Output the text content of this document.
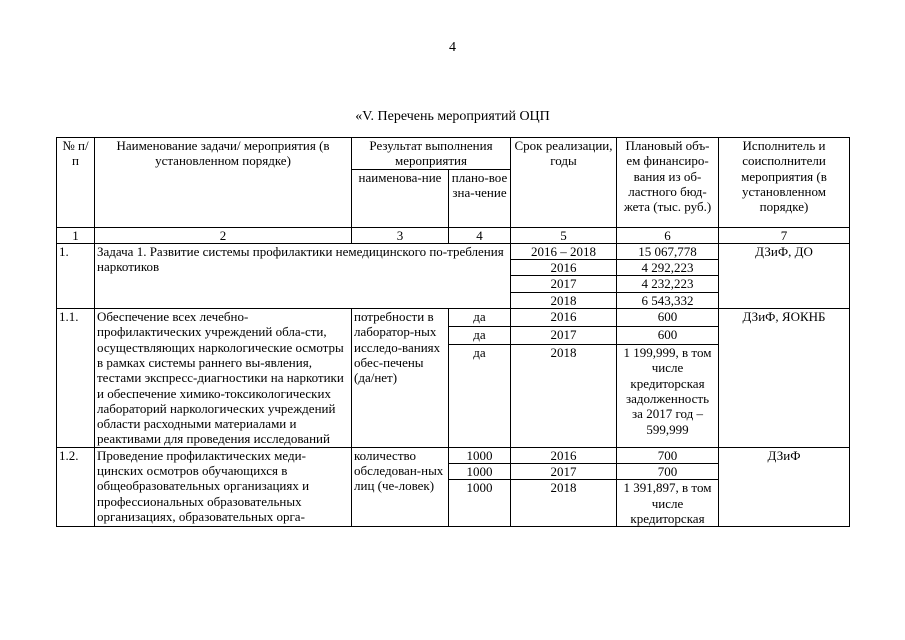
4
«V. Перечень мероприятий ОЦП
№ п/п	Наименование задачи/ мероприятия (в установленном порядке)	Результат выполнения мероприятия		Срок реализации, годы	Плановый объ-ем финансиро-вания из об-ластного бюд-жета (тыс. руб.)	Исполнитель и соисполнители мероприятия (в установленном порядке)
		наименова-ние	плано-вое зна-чение			
1	2	3	4	5	6	7
1.	Задача 1. Развитие системы профилактики немедицинского по-требления наркотиков			2016 – 2018	15 067,778	ДЗиФ, ДО
				2016	4 292,223	
				2017	4 232,223	
				2018	6 543,332	
1.1.	Обеспечение всех лечебно-профилактических учреждений обла-сти, осуществляющих наркологические осмотры в рамках системы раннего вы-явления, тестами экспресс-диагностики на наркотики и обеспечение химико-токсикологических лабораторий наркологических учреждений области расходными материалами и реактивами для проведения исследований	потребности в лаборатор-ных исследо-ваниях обес-печены (да/нет)	да	2016	600	ДЗиФ, ЯОКНБ
			да	2017	600	
			да	2018	1 199,999, в том числе кредиторская задолженность за 2017 год – 599,999	
1.2.	Проведение профилактических меди-цинских осмотров обучающихся в общеобразовательных организациях и профессиональных образовательных организациях, образовательных орга-	количество обследован-ных лиц (че-ловек)	1000	2016	700	ДЗиФ
			1000	2017	700	
			1000	2018	1 391,897, в том числе кредиторская	
